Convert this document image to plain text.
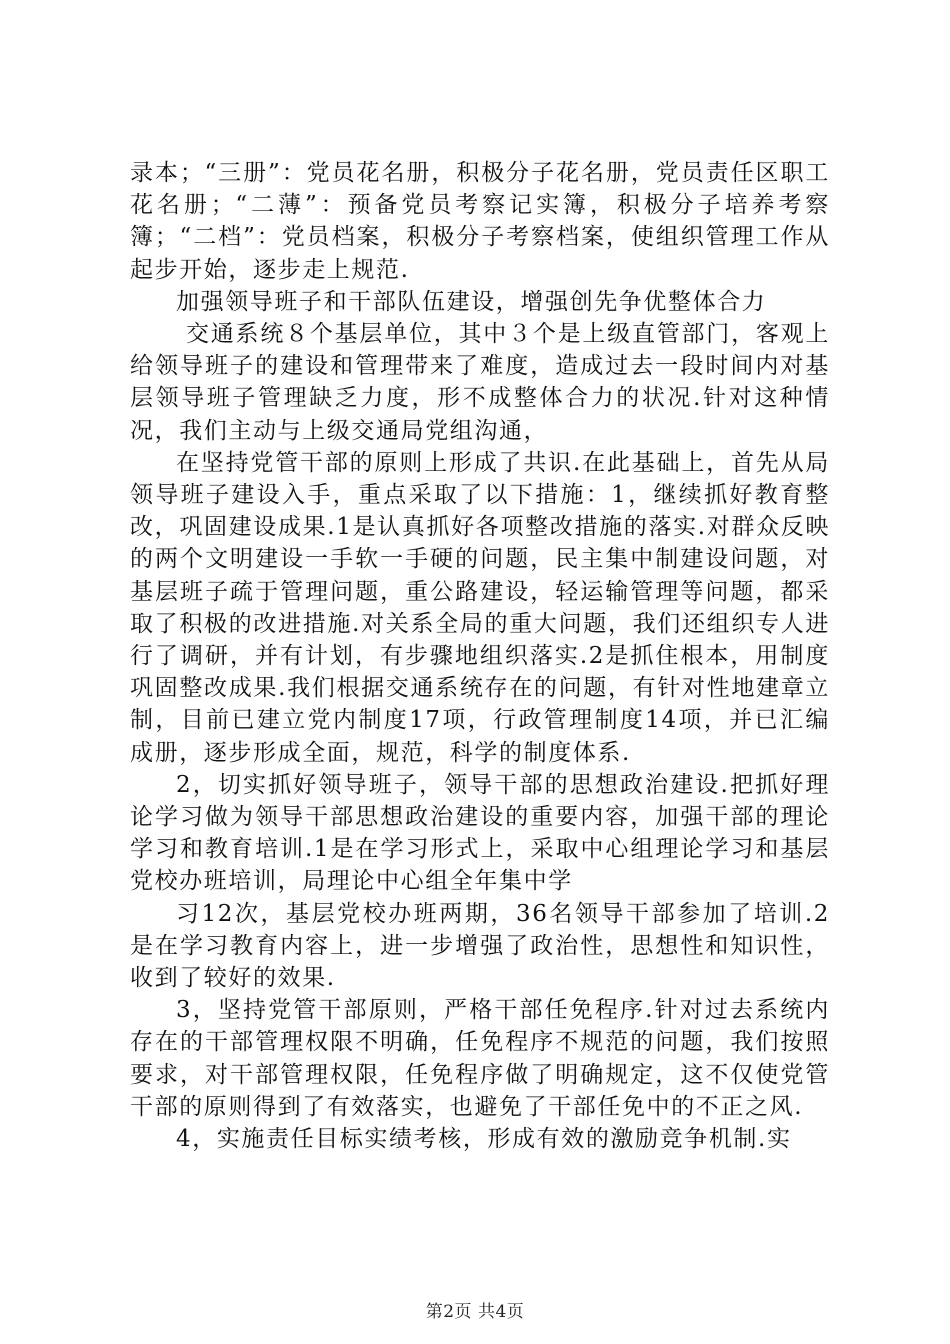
录本；“三册”：党员花名册，积极分子花名册，党员责任区职工花名册；“二薄”：预备党员考察记实簿，积极分子培养考察簿；“二档”：党员档案，积极分子考察档案，使组织管理工作从起步开始，逐步走上规范.

加强领导班子和干部队伍建设，增强创先争优整体合力

交通系统８个基层单位，其中３个是上级直管部门，客观上给领导班子的建设和管理带来了难度，造成过去一段时间内对基层领导班子管理缺乏力度，形不成整体合力的状况.针对这种情况，我们主动与上级交通局党组沟通，

在坚持党管干部的原则上形成了共识.在此基础上，首先从局领导班子建设入手，重点采取了以下措施：1，继续抓好教育整改，巩固建设成果.1是认真抓好各项整改措施的落实.对群众反映的两个文明建设一手软一手硬的问题，民主集中制建设问题，对基层班子疏于管理问题，重公路建设，轻运输管理等问题，都采取了积极的改进措施.对关系全局的重大问题，我们还组织专人进行了调研，并有计划，有步骤地组织落实.2是抓住根本，用制度巩固整改成果.我们根据交通系统存在的问题，有针对性地建章立制，目前已建立党内制度17项，行政管理制度14项，并已汇编成册，逐步形成全面，规范，科学的制度体系.

2，切实抓好领导班子，领导干部的思想政治建设.把抓好理论学习做为领导干部思想政治建设的重要内容，加强干部的理论学习和教育培训.1是在学习形式上，采取中心组理论学习和基层党校办班培训，局理论中心组全年集中学

习12次，基层党校办班两期，36名领导干部参加了培训.2是在学习教育内容上，进一步增强了政治性，思想性和知识性，收到了较好的效果.

3，坚持党管干部原则，严格干部任免程序.针对过去系统内存在的干部管理权限不明确，任免程序不规范的问题，我们按照要求，对干部管理权限，任免程序做了明确规定，这不仅使党管干部的原则得到了有效落实，也避免了干部任免中的不正之风.

4，实施责任目标实绩考核，形成有效的激励竞争机制.实

第2页 共4页
